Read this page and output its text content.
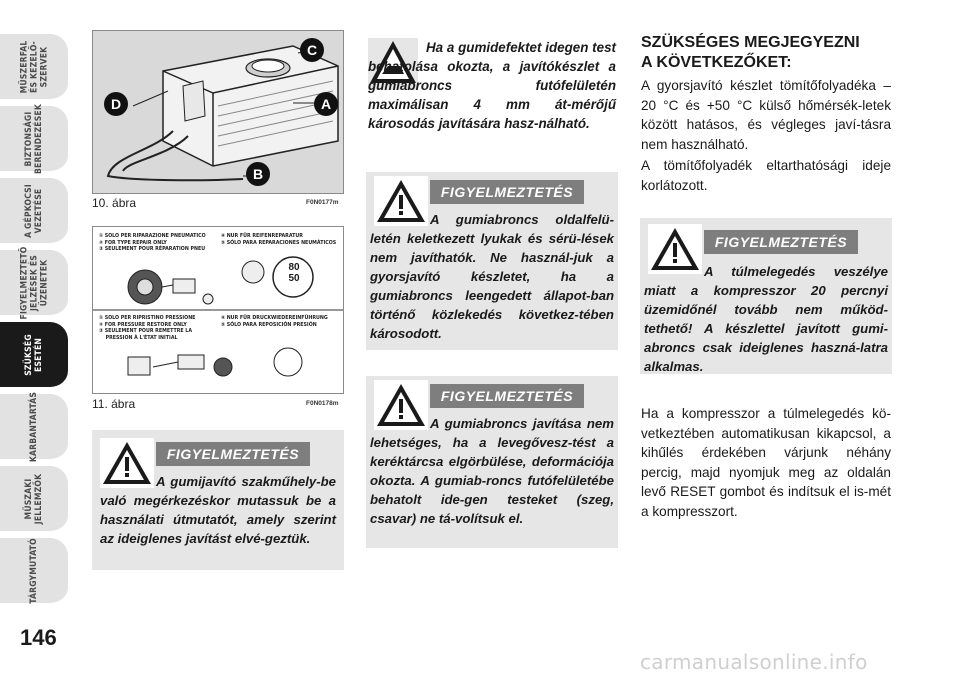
MŰSZERFAL
ÉS KEZELŐ-
SZERVEK
BIZTONSÁGI
BERENDEZÉSEK
A GÉPKOCSI
VEZETÉSE
FIGYELMEZTETŐ
JELZÉSEK ÉS
ÜZENETEK
SZÜKSÉG
ESETÉN
KARBANTARTÁS
MŰSZAKI
JELLEMZŐK
TÁRGYMUTATÓ
146
C
D	A
B
10. ábra	F0N0177m
① SOLO PER RIPARAZIONE PNEUMATICO
② FOR TYPE REPAIR ONLY
③ SEULEMENT POUR RÉPARATION PNEU
④ NUR FÜR REIFENREPARATUR
⑤ SÓLO PARA REPARACIONES NEUMÁTICOS
① SOLO PER RIPRISTINO PRESSIONE
② FOR PRESSURE RESTORE ONLY
③ SEULEMENT POUR REMETTRE LA
PRESSION À L'ÉTAT INITIAL
④ NUR FÜR DRUCKWIEDEREINFÜHRUNG
⑤ SÓLO PARA REPOSICIÓN PRESIÓN
80
50
11. ábra	F0N0178m
FIGYELMEZTETÉS
A gumijavító szakműhely-be való megérkezéskor mutassuk be a használati útmutatót, amely szerint az ideiglenes javítást elvé-geztük.
Ha a gumidefektet idegen test behatolása okozta, a javítókészlet a gumiabroncs futófelületén maximálisan 4 mm át-mérőjű károsodás javítására hasz-nálható.
FIGYELMEZTETÉS
A gumiabroncs oldalfelü-letén keletkezett lyukak és sérü-lések nem javíthatók. Ne használ-juk a gyorsjavító készletet, ha a gumiabroncs leengedett állapot-ban történő közlekedés következ-tében károsodott.
FIGYELMEZTETÉS
A gumiabroncs javítása nem lehetséges, ha a levegővesz-tést a keréktárcsa elgörbülése, deformációja okozta. A gumiab-roncs futófelületébe behatolt ide-gen testeket (szeg, csavar) ne tá-volítsuk el.
SZÜKSÉGES MEGJEGYEZNI
A KÖVETKEZŐKET:
A gyorsjavító készlet tömítőfolyadéka –20 °C és +50 °C külső hőmérsék-letek között hatásos, és végleges javí-tásra nem használható.
A tömítőfolyadék eltarthatósági ideje korlátozott.
FIGYELMEZTETÉS
A túlmelegedés veszélye miatt a kompresszor 20 percnyi üzemidőnél tovább nem működ-tethető! A készlettel javított gumi-abroncs csak ideiglenes haszná-latra alkalmas.
Ha a kompresszor a túlmelegedés kö-vetkeztében automatikusan kikapcsol, a kihűlés érdekében várjunk néhány percig, majd nyomjuk meg az oldalán levő RESET gombot és indítsuk el is-mét a kompresszort.
carmanualsonline.info
